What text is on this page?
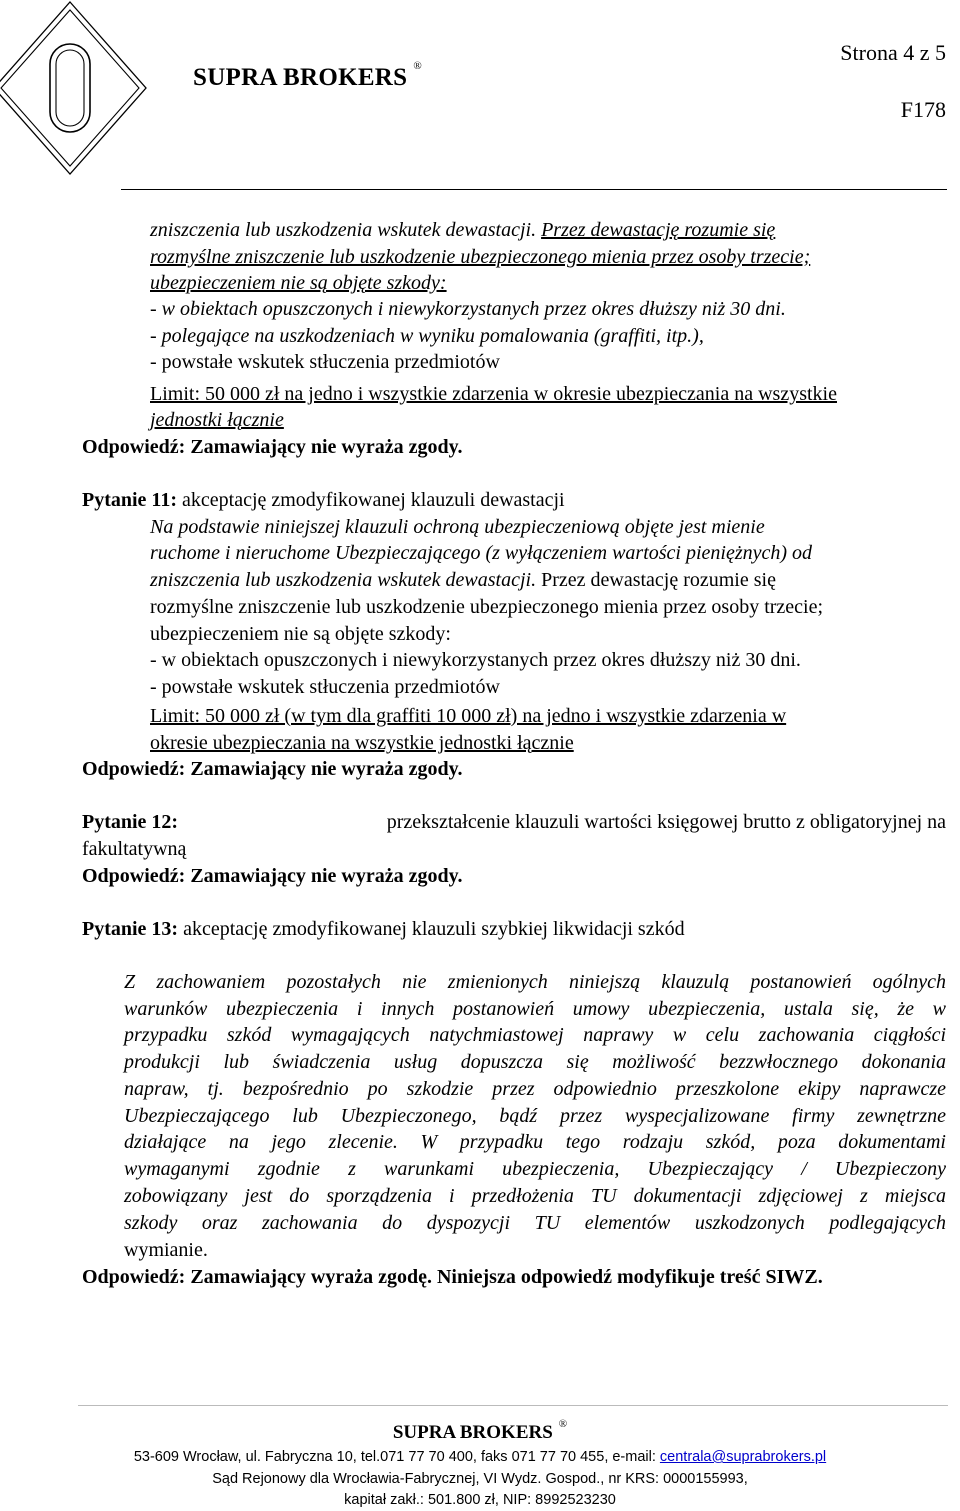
SUPRA BROKERS ®
Strona 4 z 5
F178
zniszczenia lub uszkodzenia wskutek dewastacji. Przez dewastację rozumie się
rozmyślne zniszczenie lub uszkodzenie ubezpieczonego mienia przez osoby trzecie;
ubezpieczeniem nie są objęte szkody:
- w obiektach opuszczonych i niewykorzystanych przez okres dłuższy niż 30 dni.
- polegające na uszkodzeniach w wyniku pomalowania (graffiti, itp.),
- powstałe wskutek stłuczenia przedmiotów
Limit: 50 000 zł na jedno i wszystkie zdarzenia w okresie ubezpieczania na wszystkie
jednostki łącznie
Odpowiedź: Zamawiający nie wyraża zgody.
Pytanie 11: akceptację zmodyfikowanej klauzuli dewastacji
Na podstawie niniejszej klauzuli ochroną ubezpieczeniową objęte jest mienie
ruchome i nieruchome Ubezpieczającego (z wyłączeniem wartości pieniężnych) od
zniszczenia lub uszkodzenia wskutek dewastacji. Przez dewastację rozumie się
rozmyślne zniszczenie lub uszkodzenie ubezpieczonego mienia przez osoby trzecie;
ubezpieczeniem nie są objęte szkody:
- w obiektach opuszczonych i niewykorzystanych przez okres dłuższy niż 30 dni.
- powstałe wskutek stłuczenia przedmiotów
Limit: 50 000 zł (w tym dla graffiti 10 000 zł) na jedno i wszystkie zdarzenia w
okresie ubezpieczania na wszystkie jednostki łącznie
Odpowiedź: Zamawiający nie wyraża zgody.
Pytanie 12:	przekształcenie klauzuli wartości księgowej brutto z obligatoryjnej na
fakultatywną
Odpowiedź: Zamawiający nie wyraża zgody.
Pytanie 13: akceptację zmodyfikowanej klauzuli szybkiej likwidacji szkód
Z zachowaniem pozostałych nie zmienionych niniejszą klauzulą postanowień ogólnych
warunków ubezpieczenia i innych postanowień umowy ubezpieczenia, ustala się, że w
przypadku szkód wymagających natychmiastowej naprawy w celu zachowania ciągłości
produkcji lub świadczenia usług dopuszcza się możliwość bezzwłocznego dokonania
napraw, tj. bezpośrednio po szkodzie przez odpowiednio przeszkolone ekipy naprawcze
Ubezpieczającego lub Ubezpieczonego, bądź przez wyspecjalizowane firmy zewnętrzne
działające na jego zlecenie. W przypadku tego rodzaju szkód, poza dokumentami
wymaganymi zgodnie z warunkami ubezpieczenia, Ubezpieczający / Ubezpieczony
zobowiązany jest do sporządzenia i przedłożenia TU dokumentacji zdjęciowej z miejsca
szkody oraz zachowania do dyspozycji TU elementów uszkodzonych podlegających
wymianie.
Odpowiedź: Zamawiający wyraża zgodę. Niniejsza odpowiedź modyfikuje treść SIWZ.
SUPRA BROKERS ®
53-609 Wrocław, ul. Fabryczna 10, tel.071 77 70 400, faks 071 77 70 455, e-mail: centrala@suprabrokers.pl
Sąd Rejonowy dla Wrocławia-Fabrycznej, VI Wydz. Gospod., nr KRS: 0000155993,
kapitał zakł.: 501.800 zł, NIP: 8992523230
